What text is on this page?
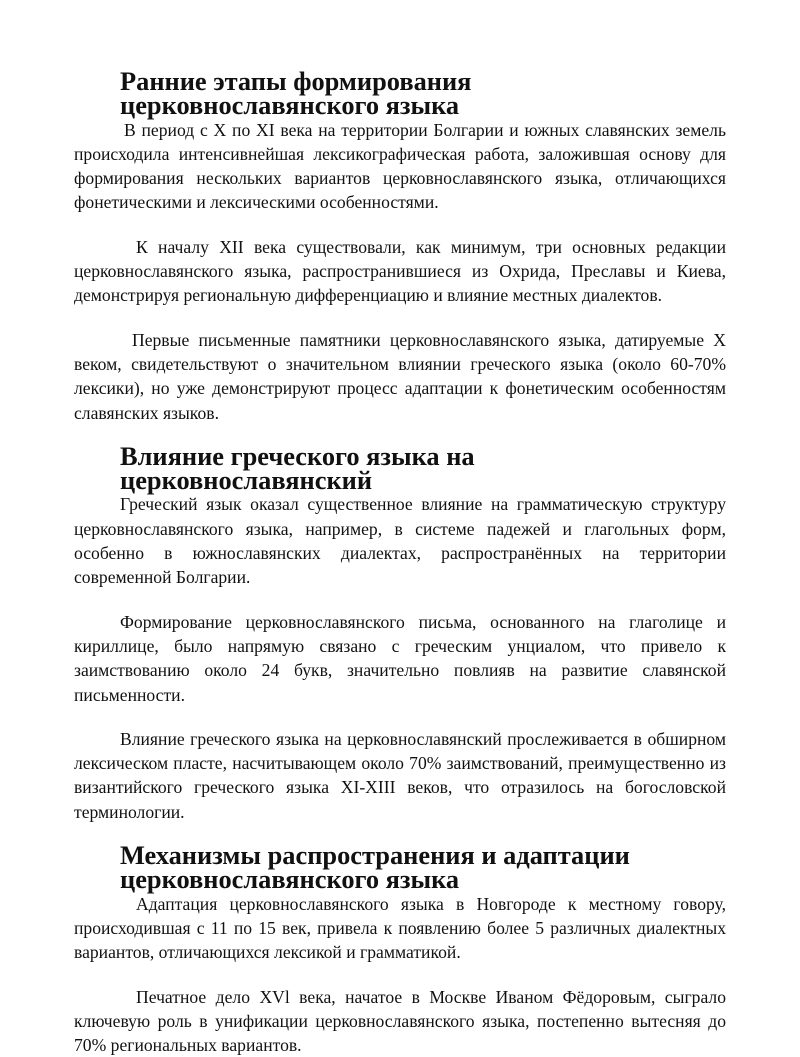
Ранние этапы формирования церковнославянского языка

В период с X по XI века на территории Болгарии и южных славянских земель происходила интенсивнейшая лексикографическая работа, заложившая основу для формирования нескольких вариантов церковнославянского языка, отличающихся фонетическими и лексическими особенностями.

К началу XII века существовали, как минимум, три основных редакции церковнославянского языка, распространившиеся из Охрида, Преславы и Киева, демонстрируя региональную дифференциацию и влияние местных диалектов.

Первые письменные памятники церковнославянского языка, датируемые X веком, свидетельствуют о значительном влиянии греческого языка (около 60-70% лексики), но уже демонстрируют процесс адаптации к фонетическим особенностям славянских языков.

Влияние греческого языка на церковнославянский

Греческий язык оказал существенное влияние на грамматическую структуру церковнославянского языка, например, в системе падежей и глагольных форм, особенно в южнославянских диалектах, распространённых на территории современной Болгарии.

Формирование церковнославянского письма, основанного на глаголице и кириллице, было напрямую связано с греческим унциалом, что привело к заимствованию около 24 букв, значительно повлияв на развитие славянской письменности.

Влияние греческого языка на церковнославянский прослеживается в обширном лексическом пласте, насчитывающем около 70% заимствований, преимущественно из византийского греческого языка XI-XIII веков, что отразилось на богословской терминологии.

Механизмы распространения и адаптации церковнославянского языка

Адаптация церковнославянского языка в Новгороде к местному говору, происходившая с 11 по 15 век, привела к появлению более 5 различных диалектных вариантов, отличающихся лексикой и грамматикой.

Печатное дело XVl века, начатое в Москве Иваном Фёдоровым, сыграло ключевую роль в унификации церковнославянского языка, постепенно вытесняя до 70% региональных вариантов.
